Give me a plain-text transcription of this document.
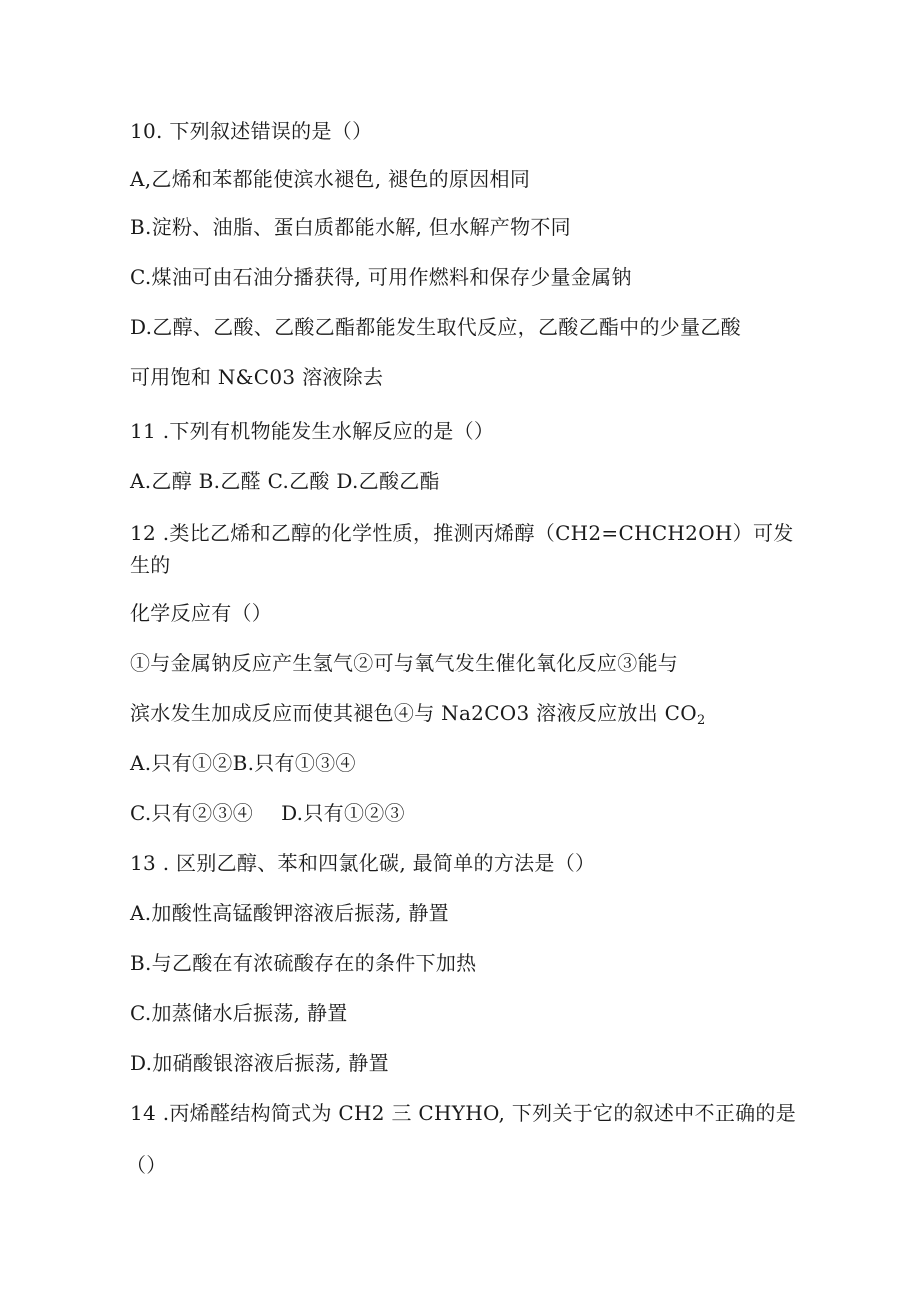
10. 下列叙述错误的是（）
A,乙烯和苯都能使滨水褪色, 褪色的原因相同
B.淀粉、油脂、蛋白质都能水解, 但水解产物不同
C.煤油可由石油分播获得, 可用作燃料和保存少量金属钠
D.乙醇、乙酸、乙酸乙酯都能发生取代反应，乙酸乙酯中的少量乙酸
可用饱和 N&C03 溶液除去
11 .下列有机物能发生水解反应的是（）
A.乙醇 B.乙醛 C.乙酸 D.乙酸乙酯
12 .类比乙烯和乙醇的化学性质，推测丙烯醇（CH2=CHCH2OH）可发
生的
化学反应有（）
①与金属钠反应产生氢气②可与氧气发生催化氧化反应③能与
滨水发生加成反应而使其褪色④与 Na2CO3 溶液反应放出 $CO_2$
A.只有①②B.只有①③④
C.只有②③④ D.只有①②③
13 . 区别乙醇、苯和四氯化碳, 最简单的方法是（）
A.加酸性高锰酸钾溶液后振荡, 静置
B.与乙酸在有浓硫酸存在的条件下加热
C.加蒸储水后振荡, 静置
D.加硝酸银溶液后振荡, 静置
14 .丙烯醛结构简式为 CH2 三 CHYHO, 下列关于它的叙述中不正确的是
（）
